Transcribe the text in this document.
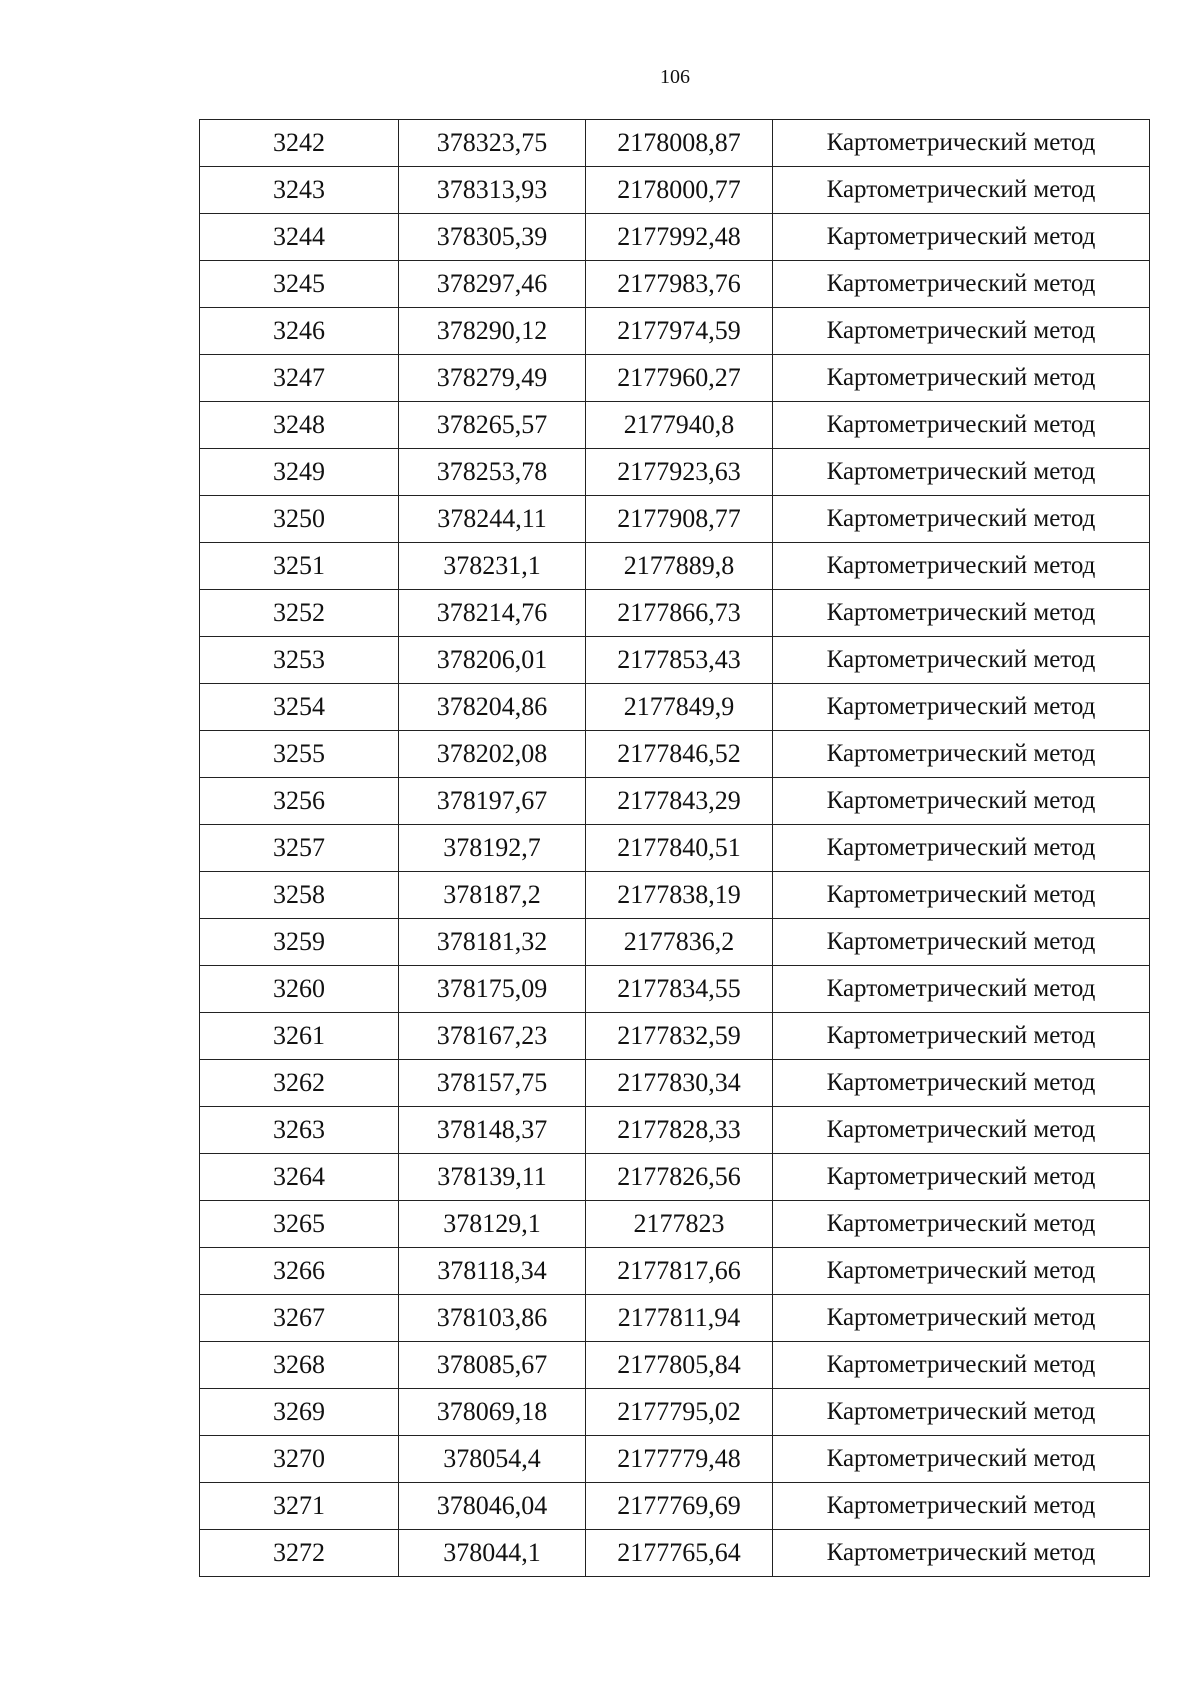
106
3242	378323,75	2178008,87	Картометрический метод
3243	378313,93	2178000,77	Картометрический метод
3244	378305,39	2177992,48	Картометрический метод
3245	378297,46	2177983,76	Картометрический метод
3246	378290,12	2177974,59	Картометрический метод
3247	378279,49	2177960,27	Картометрический метод
3248	378265,57	2177940,8	Картометрический метод
3249	378253,78	2177923,63	Картометрический метод
3250	378244,11	2177908,77	Картометрический метод
3251	378231,1	2177889,8	Картометрический метод
3252	378214,76	2177866,73	Картометрический метод
3253	378206,01	2177853,43	Картометрический метод
3254	378204,86	2177849,9	Картометрический метод
3255	378202,08	2177846,52	Картометрический метод
3256	378197,67	2177843,29	Картометрический метод
3257	378192,7	2177840,51	Картометрический метод
3258	378187,2	2177838,19	Картометрический метод
3259	378181,32	2177836,2	Картометрический метод
3260	378175,09	2177834,55	Картометрический метод
3261	378167,23	2177832,59	Картометрический метод
3262	378157,75	2177830,34	Картометрический метод
3263	378148,37	2177828,33	Картометрический метод
3264	378139,11	2177826,56	Картометрический метод
3265	378129,1	2177823	Картометрический метод
3266	378118,34	2177817,66	Картометрический метод
3267	378103,86	2177811,94	Картометрический метод
3268	378085,67	2177805,84	Картометрический метод
3269	378069,18	2177795,02	Картометрический метод
3270	378054,4	2177779,48	Картометрический метод
3271	378046,04	2177769,69	Картометрический метод
3272	378044,1	2177765,64	Картометрический метод
